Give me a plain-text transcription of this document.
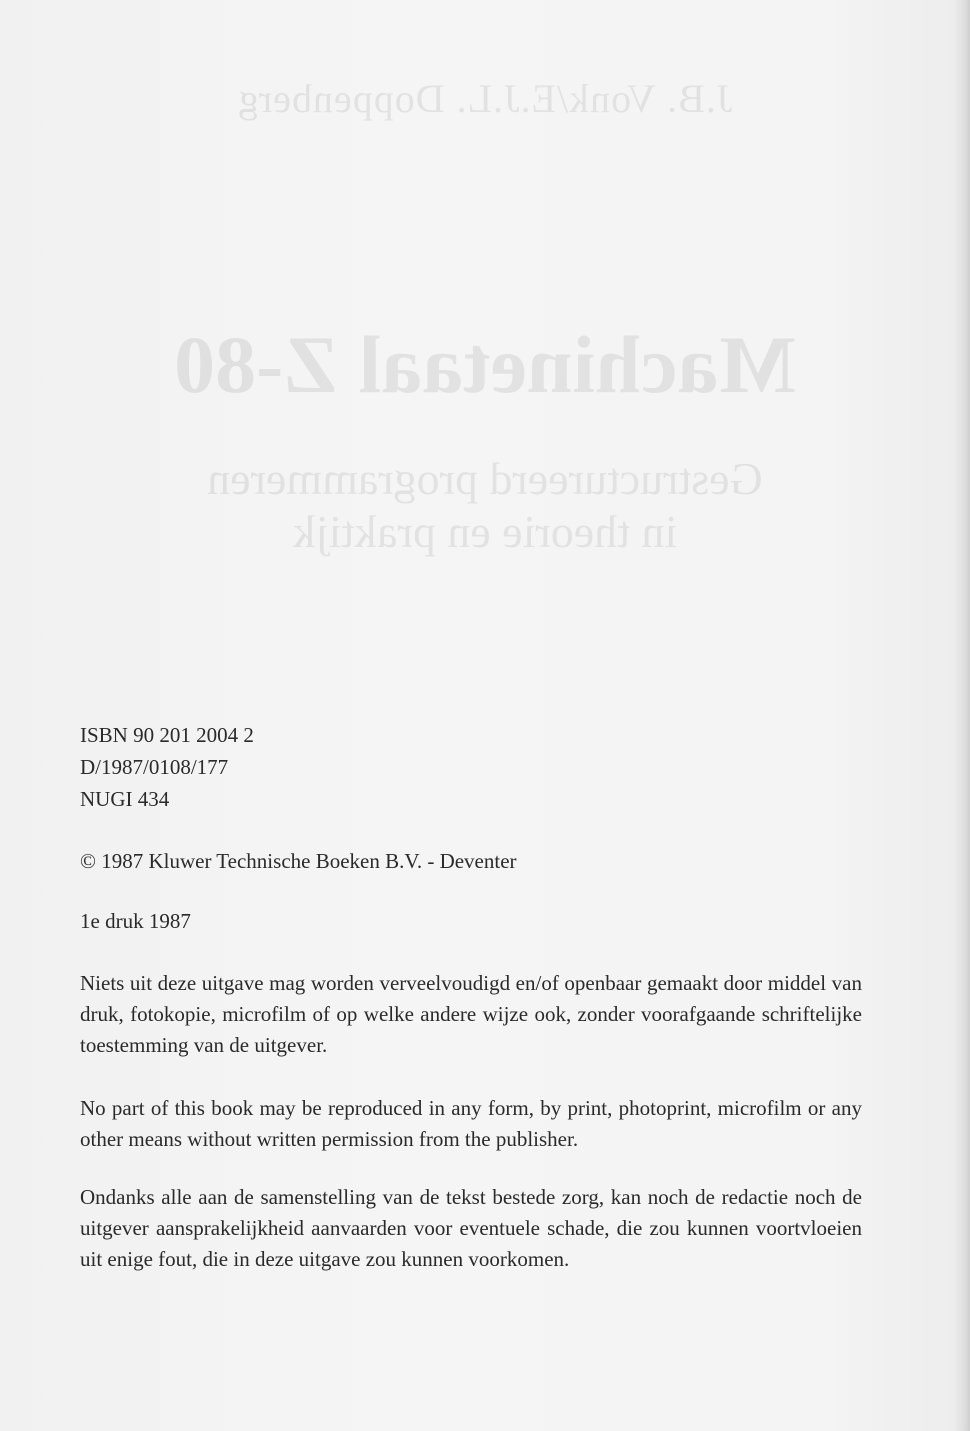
J.B. Vonk/E.J.L. Doppenberg
Machinetaal Z-80
Gestructureerd programmeren
in theorie en praktijk
ISBN 90 201 2004 2
D/1987/0108/177
NUGI 434
© 1987 Kluwer Technische Boeken B.V. - Deventer
1e druk 1987
Niets uit deze uitgave mag worden verveelvoudigd en/of openbaar gemaakt door middel van druk, fotokopie, microfilm of op welke andere wijze ook, zonder voorafgaande schriftelijke toestemming van de uitgever.
No part of this book may be reproduced in any form, by print, photoprint, microfilm or any other means without written permission from the publisher.
Ondanks alle aan de samenstelling van de tekst bestede zorg, kan noch de redactie noch de uitgever aansprakelijkheid aanvaarden voor eventuele schade, die zou kunnen voortvloeien uit enige fout, die in deze uitgave zou kunnen voorkomen.
